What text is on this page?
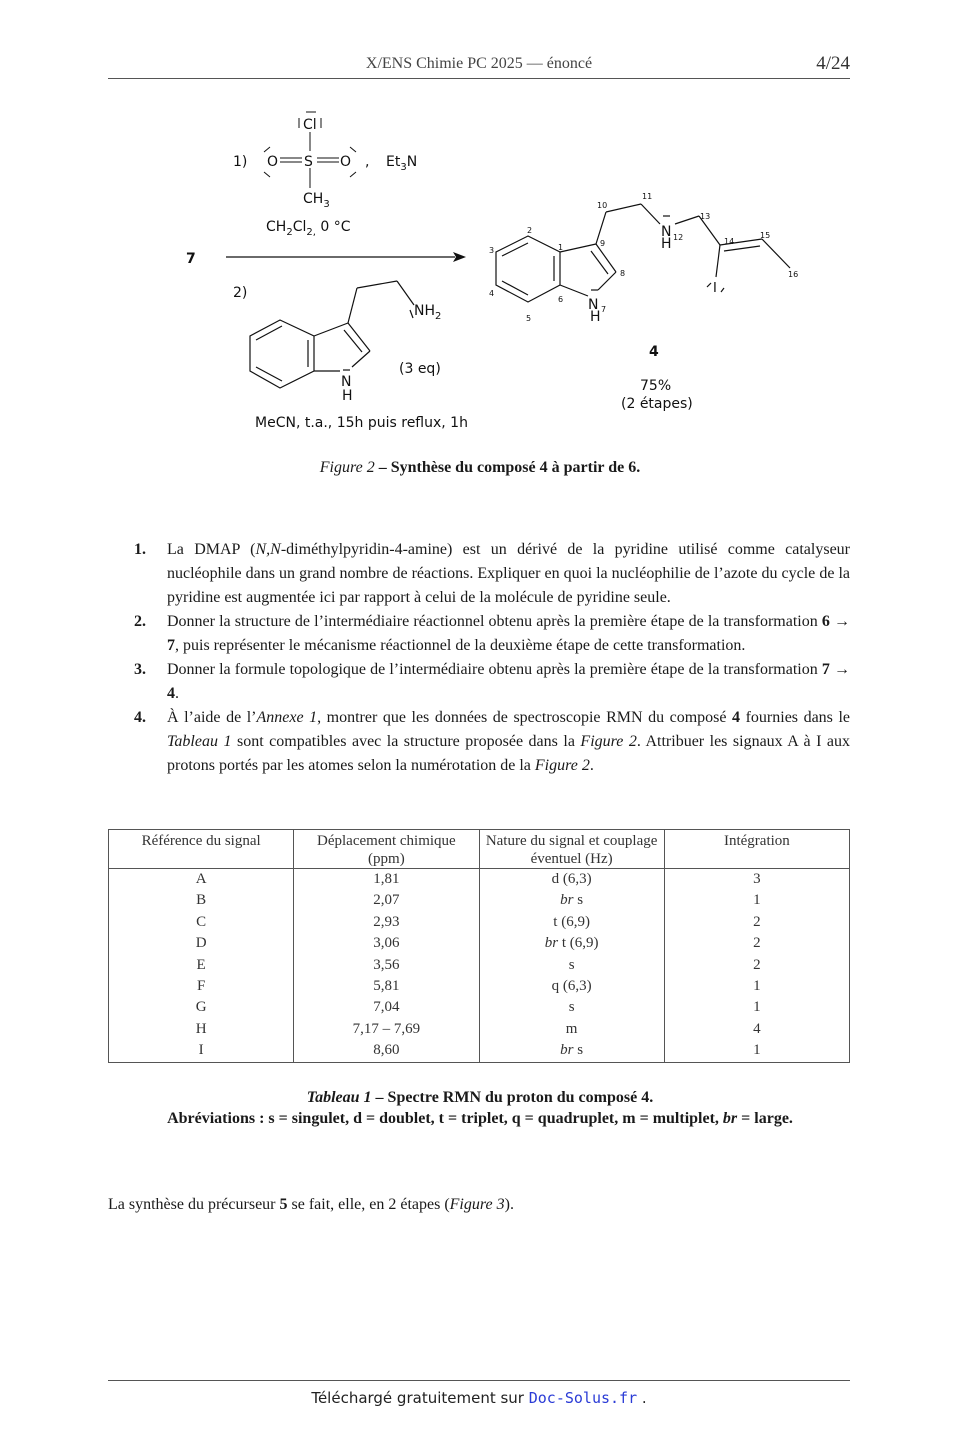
X/ENS Chimie PC 2025 — énoncé	4/24
1)
Cl
O S O
$CH_3$
, $Et_3N$
$CH_2Cl_{2,}$ 0 °C
7
2)
$NH_2$
N
H
(3 eq)
MeCN, t.a., 15h puis reflux, 1h
N
H
N
H
I
1
2
3
4
5
6
7
8
9
10
11
12
13
14
15
16
4
75%
(2 étapes)
Figure 2 – Synthèse du composé 4 à partir de 6.
1. La DMAP (N,N-diméthylpyridin-4-amine) est un dérivé de la pyridine utilisé comme catalyseur nucléophile dans un grand nombre de réactions. Expliquer en quoi la nucléophilie de l’azote du cycle de la pyridine est augmentée ici par rapport à celui de la molécule de pyridine seule.
2. Donner la structure de l’intermédiaire réactionnel obtenu après la première étape de la transformation 6 → 7, puis représenter le mécanisme réactionnel de la deuxième étape de cette transformation.
3. Donner la formule topologique de l’intermédiaire obtenu après la première étape de la transformation 7 → 4.
4. À l’aide de l’Annexe 1, montrer que les données de spectroscopie RMN du composé 4 fournies dans le Tableau 1 sont compatibles avec la structure proposée dans la Figure 2. Attribuer les signaux A à I aux protons portés par les atomes selon la numérotation de la Figure 2.
Référence du signal	Déplacement chimique (ppm)	Nature du signal et couplage éventuel (Hz)	Intégration
A	1,81	d (6,3)	3
B	2,07	br s	1
C	2,93	t (6,9)	2
D	3,06	br t (6,9)	2
E	3,56	s	2
F	5,81	q (6,3)	1
G	7,04	s	1
H	7,17 – 7,69	m	4
I	8,60	br s	1
Tableau 1 – Spectre RMN du proton du composé 4.
Abréviations : s = singulet, d = doublet, t = triplet, q = quadruplet, m = multiplet, br = large.
La synthèse du précurseur 5 se fait, elle, en 2 étapes (Figure 3).
Téléchargé gratuitement sur Doc-Solus.fr .
